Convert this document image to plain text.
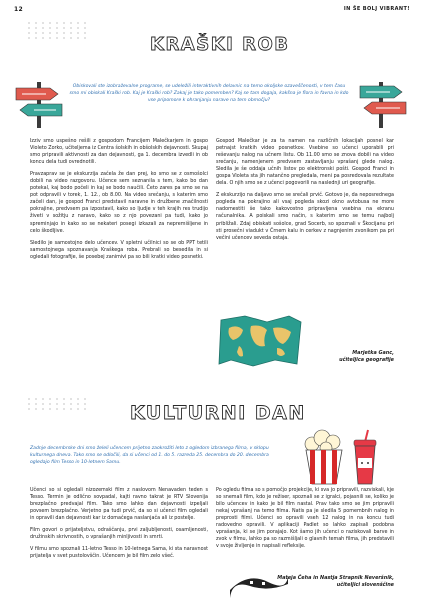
12	IN ŠE BOLJ VIBRANT!
KRAŠKI ROB
Obiskovali ste izobraževalne programe, se udeležili interaktivnih delavnic na temo okoljske ozaveščenosti, v tem času smo mi obiskali Kraški rob. Kaj je Kraški rob? Zakaj je tako pomemben? Kaj se tam dogaja, kakšna je flora in favna in kdo vse pripomore k ohranjanju narave na tem območju?

Izziv smo uspešno rešili z gospodom Francijem Malečkarjem in gospo Violeto Zorko, učiteljema iz Centra šolskih in obšolskih dejavnosti. Skupaj smo pripravili aktivnosti za dan dejavnosti, ga 1. decembra izvedli in ob koncu dela tudi ovrednotili.

Pravzaprav se je ekskurzija začela že dan prej, ko smo se z osmošolci dobili na video razgovoru. Učence sem seznanila s tem, kako bo dan potekal, kaj bodo počeli in kaj se bodo naučili. Četo zares pa smo se na pot odpravili v torek, 1. 12., ob 8.00. Na video srečanju, s katerim smo začeli dan, je gospod Franci predstavil naravne in družbene značilnosti pokrajine, predvsem pa izpostavil, kako so ljudje v teh krajih res trudijo živeti v sožitju z naravo, kako so z njo povezani pa tudi, kako jo spreminjajo in kako so se nekateri posegi izkazali za nepremišljene in celo škodljive.

Sledilo je samostojno delo učencev. V spletni učilnici so se ob PPT tetili samostojnega spoznavanja Kraškega roba. Prebrali so besedila in si ogledali fotografije, še posebej zanimivi pa so bili kratki video posnetki.

Gospod Malečkar je za ta namen na različnih lokacijah posnel kar petnajst kratkih video posnetkov. Vsebine so učenci uporabili pri reševanju nalog na učnem listu. Ob 11.00 smo se znova dobili na video srečanju, namenjenem predvsem zastavljanju vprašanj glede nalog. Sledila je še oddaja učnih listov po elektronski pošti. Gospod Franci in gospa Violeta sta jih natančno pregledala, meni pa posredovala rezultate dela. O njih smo se z učenci pogovorili na naslednji uri geografije.

Z ekskurzijo na daljavo smo se srečali prvič. Gotovo je, da neposrednega pogleda na pokrajino ali vsaj pogleda skozi okno avtobusa ne more nadomestiti še tako kakovostno pripravljena vsebina na ekranu računalnika. A poiskali smo način, s katerim smo se temu najbolj približali. Zdaj obiskati sošolce, grad Socerb, so spoznali v Škocijanu pri sti prosečni viadukt v Črnem kalu in cerkev z nagnjenim zvonikom pa pri večini učencev seveda ostaja.

Marjetka Ganc,
učiteljica geografije
KULTURNI DAN
Zadnje decembrske dni smo želeli učencem prijetno zaokrožiti leto z ogledom izbranega filma, v sklopu kulturnega dneva. Tako smo se odločili, da si učenci od 1. do 5. razreda 25. decembra do 20. decembra ogledajo film Tesso in 10-letnem Samu.

Učenci so si ogledali nizozemski film z naslovom Nenavaden teden s Tesso. Termin je odlično sovpadal, kajti ravno takrat je RTV Slovenija brezplačno predvajal film. Tako smo lahko dan dejavnosti izpeljali povsem brezplačno. Verjetno pa tudi prvič, da so si učenci film ogledali in opravili dan dejavnosti kar iz domačega naslanjača ali iz postelje.

Film govori o prijateljstvu, odraščanju, prvi zaljubljenosti, osamljenosti, družinskih skrivnostih, o vprašanjih minljivosti in smrti.

V filmu smo spoznali 11-letno Tesso in 10-letnega Sama, ki sta naravnost prijatelja v svet pustolovščin. Učencem je bil film zelo všeč.

Po ogledu filma so s pomočjo projekcije, ki sva jo pripravili, razviskali, kje so snemali film, kdo je režiser, spoznali se z igralci, pojasnili se, koliko je bilo učencev in kako je bil film nastal. Prav tako smo se jim pripravili nekaj vprašanj na temo filma. Natis pa je sledila 5 pomembnih nalog in preprosti filmi. Učenci so opravili vseh 12 nalog in na koncu tudi radovedno opravili. V aplikaciji Padlet so lahko zapisali podobna vprašanja, ki se jim porajajo. Kot šamo jih učenci o raziskovali barve in zvok v filmu, lahko pa so razmišljali o glavnih temah filma, jih predstavili v svoje življenje in napisali refleksije.

Mateja Čeha in Nastja Strapnik Neveršnik,
učiteljici slovenščine
